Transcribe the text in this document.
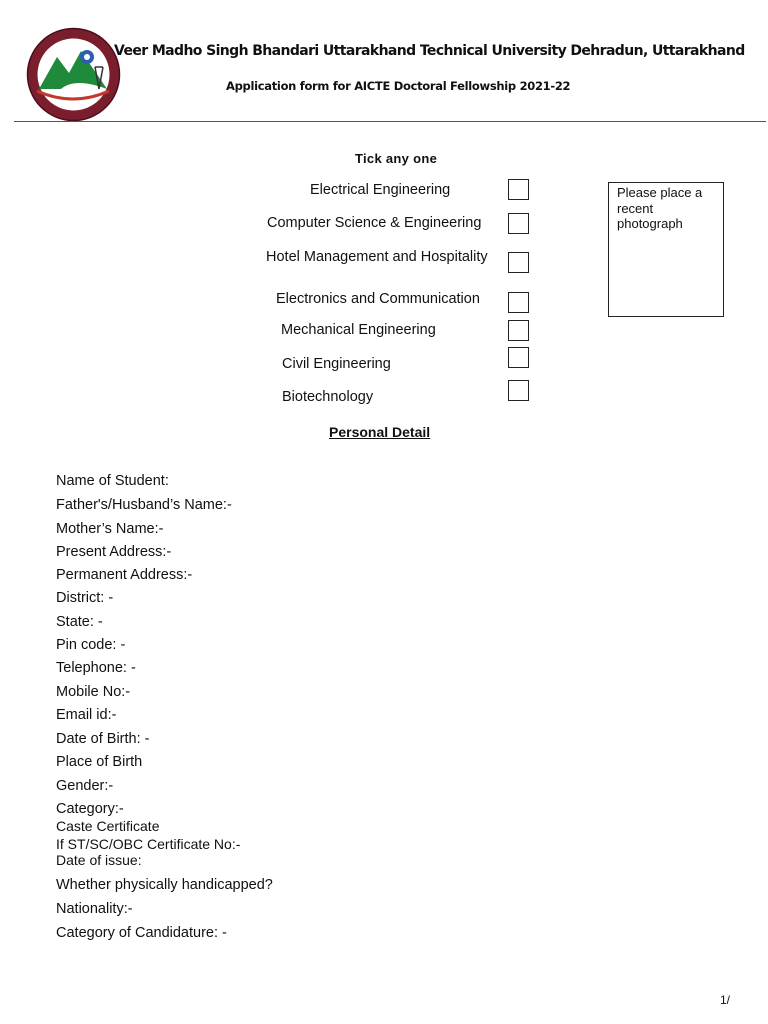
Veer Madho Singh Bhandari Uttarakhand Technical University Dehradun, Uttarakhand
Application form for AICTE Doctoral Fellowship 2021-22
Tick any one
Electrical Engineering
Computer Science & Engineering
Hotel Management and Hospitality
Electronics and Communication
Mechanical Engineering
Civil Engineering
Biotechnology
Please place a recent photograph
Personal Detail
Name of Student:
Father's/Husband’s Name:-
Mother’s Name:-
Present Address:-
Permanent Address:-
District: -
State: -
Pin code: -
Telephone: -
Mobile No:-
Email id:-
Date of Birth: -
Place of Birth
Gender:-
Category:-
Caste Certificate
If ST/SC/OBC Certificate No:-
Date of issue:
Whether physically handicapped?
Nationality:-
Category of Candidature: -
1/
